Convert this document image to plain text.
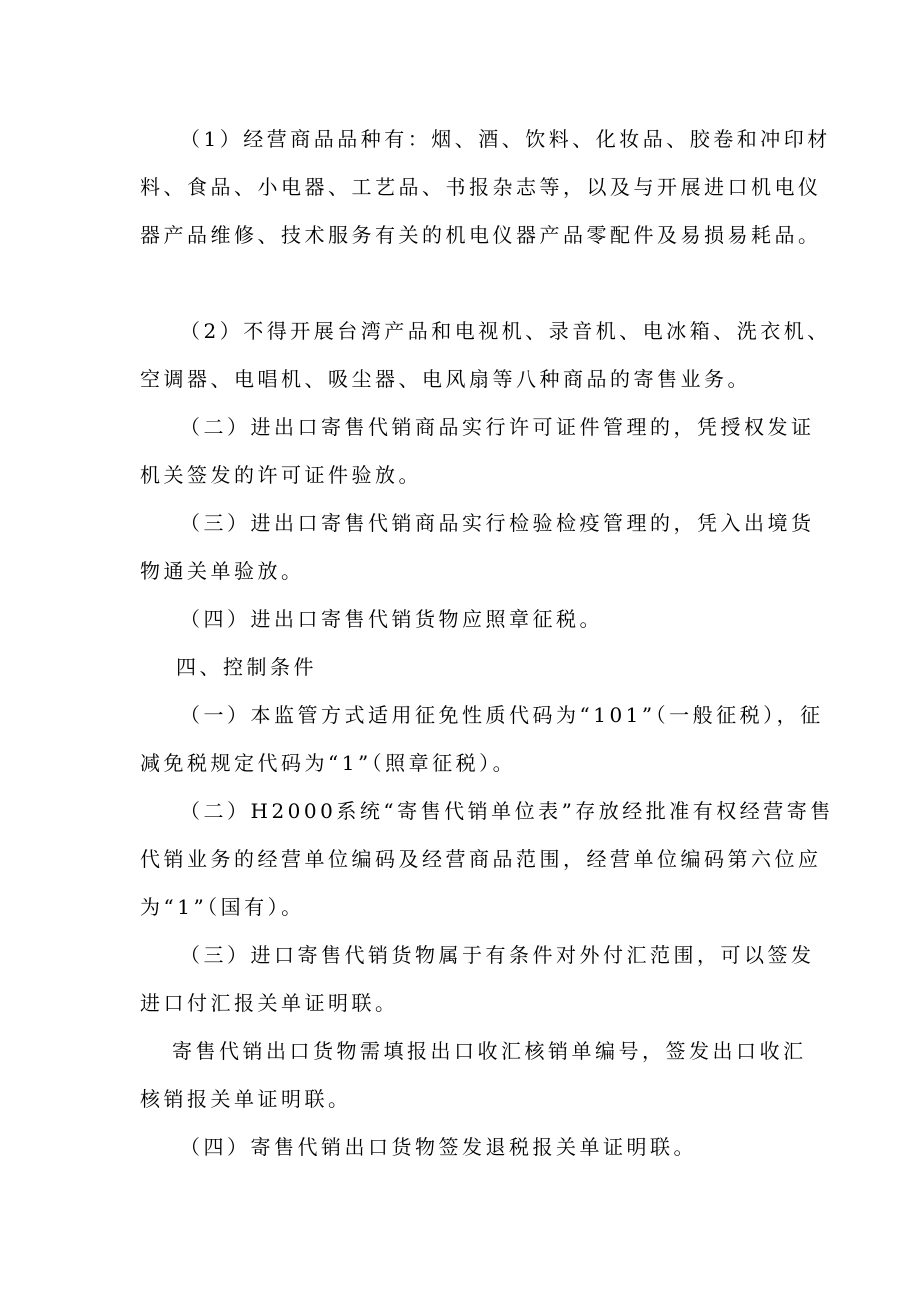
（1）经营商品品种有：烟、酒、饮料、化妆品、胶卷和冲印材
料、食品、小电器、工艺品、书报杂志等，以及与开展进口机电仪
器产品维修、技术服务有关的机电仪器产品零配件及易损易耗品。
（2）不得开展台湾产品和电视机、录音机、电冰箱、洗衣机、
空调器、电唱机、吸尘器、电风扇等八种商品的寄售业务。
（二）进出口寄售代销商品实行许可证件管理的，凭授权发证
机关签发的许可证件验放。
（三）进出口寄售代销商品实行检验检疫管理的，凭入出境货
物通关单验放。
（四）进出口寄售代销货物应照章征税。
四、控制条件
（一）本监管方式适用征免性质代码为“101”（一般征税），征
减免税规定代码为“1”（照章征税）。
（二）H2000系统“寄售代销单位表”存放经批准有权经营寄售
代销业务的经营单位编码及经营商品范围，经营单位编码第六位应
为“1”（国有）。
（三）进口寄售代销货物属于有条件对外付汇范围，可以签发
进口付汇报关单证明联。
寄售代销出口货物需填报出口收汇核销单编号，签发出口收汇
核销报关单证明联。
（四）寄售代销出口货物签发退税报关单证明联。
